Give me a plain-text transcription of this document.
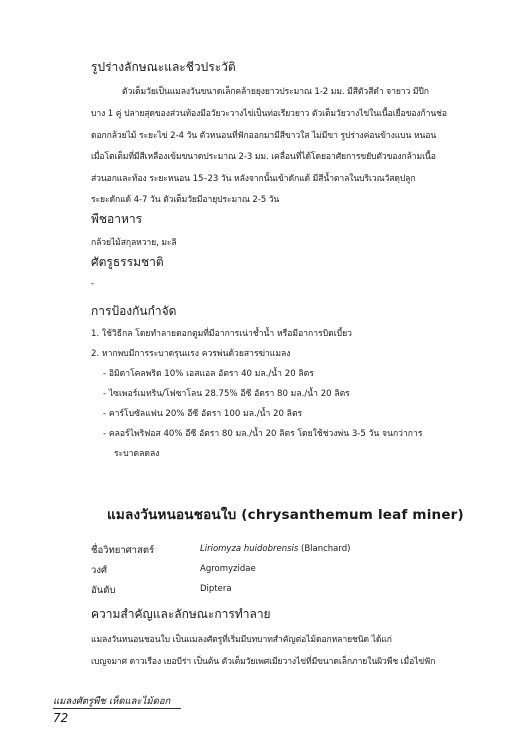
รูปร่างลักษณะและชีวประวัติ
ตัวเต็มวัยเป็นแมลงวันขนาดเล็กคล้ายยุงยาวประมาณ 1-2 มม. มีสีตัวสีดำ จายาว มีปีก
บาง 1 คู่ ปลายสุดของส่วนท้องมีอวัยวะวางไข่เป็นท่อเรียวยาว ตัวเต็มวัยวางไข่ในเนื้อเยื่อของก้านช่อ
ดอกกล้วยไม้ ระยะไข่ 2-4 วัน ตัวหนอนที่ฟักออกมามีสีขาวใส ไม่มีขา รูปร่างค่อนข้างแบน หนอน
เมื่อโตเต็มที่มีสีเหลืองเข้มขนาดประมาณ 2-3 มม. เคลื่อนที่ได้โดยอาศัยการขยับตัวของกล้ามเนื้อ
ส่วนอกและท้อง ระยะหนอน 15–23 วัน หลังจากนั้นเข้าดักแด้ มีสีน้ำตาลในบริเวณวัสดุปลูก
ระยะดักแด้ 4-7 วัน ตัวเต็มวัยมีอายุประมาณ 2-5 วัน
พืชอาหาร
กล้วยไม้สกุลหวาย, มะลิ
ศัตรูธรรมชาติ
-
การป้องกันกำจัด
1. ใช้วิธีกล โดยทำลายดอกตูมที่มีอาการเน่าช้ำน้ำ หรือมีอาการบิดเบี้ยว
2. หากพบมีการระบาดรุนแรง ควรพ่นด้วยสารฆ่าแมลง
- อิมิดาโคลพริด 10% เอสแอล อัตรา 40 มล./น้ำ 20 ลิตร
- ไซเพอร์เมทริน/โฟซาโลน 28.75% อีซี อัตรา 80 มล./น้ำ 20 ลิตร
- คาร์โบซัลแฟน 20% อีซี อัตรา 100 มล./น้ำ 20 ลิตร
- คลอร์ไพริฟอส 40% อีซี อัตรา 80 มล./น้ำ 20 ลิตร โดยใช้ช่วงพ่น 3-5 วัน จนกว่าการ
ระบาดลดลง
แมลงวันหนอนชอนใบ (chrysanthemum leaf miner)
ชื่อวิทยาศาสตร์	Liriomyza huidobrensis (Blanchard)
วงศ์	Agromyzidae
อันดับ	Diptera
ความสำคัญและลักษณะการทำลาย
แมลงวันหนอนชอนใบ เป็นแมลงศัตรูที่เริ่มมีบทบาทสำคัญต่อไม้ดอกหลายชนิด ได้แก่
เบญจมาศ ดาวเรือง เยอบีร่า เป็นต้น ตัวเต็มวัยเพศเมียวางไข่ที่มีขนาดเล็กภายในผิวพืช เมื่อไข่ฟัก
แมลงศัตรูพืช เห็ดและไม้ดอก
72
